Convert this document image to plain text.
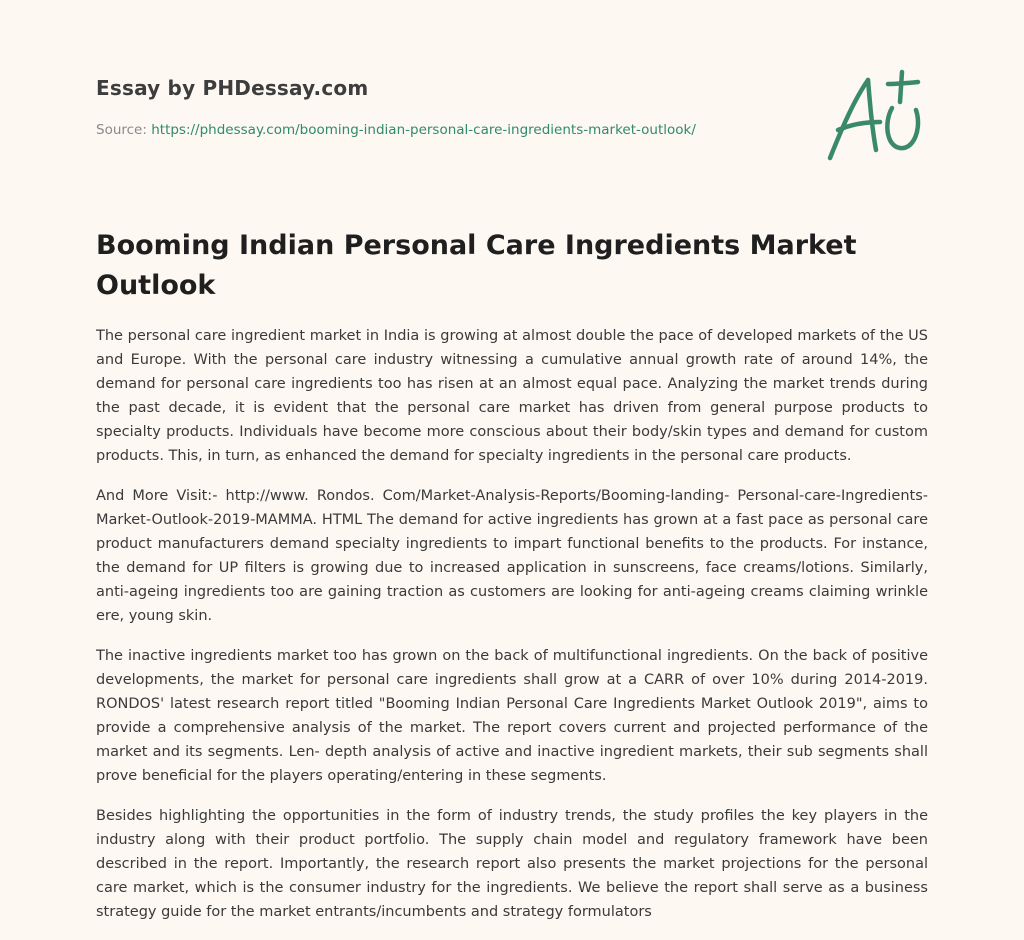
Essay by PHDessay.com
Source: https://phdessay.com/booming-indian-personal-care-ingredients-market-outlook/
Booming Indian Personal Care Ingredients Market Outlook

The personal care ingredient market in India is growing at almost double the pace of developed markets of the US and Europe. With the personal care industry witnessing a cumulative annual growth rate of around 14%, the demand for personal care ingredients too has risen at an almost equal pace. Analyzing the market trends during the past decade, it is evident that the personal care market has driven from general purpose products to specialty products. Individuals have become more conscious about their body/skin types and demand for custom products. This, in turn, as enhanced the demand for specialty ingredients in the personal care products.

And More Visit:- http://www. Rondos. Com/Market-Analysis-Reports/Booming-landing- Personal-care-Ingredients-Market-Outlook-2019-MAMMA. HTML The demand for active ingredients has grown at a fast pace as personal care product manufacturers demand specialty ingredients to impart functional benefits to the products. For instance, the demand for UP filters is growing due to increased application in sunscreens, face creams/lotions. Similarly, anti-ageing ingredients too are gaining traction as customers are looking for anti-ageing creams claiming wrinkle ere, young skin.

The inactive ingredients market too has grown on the back of multifunctional ingredients. On the back of positive developments, the market for personal care ingredients shall grow at a CARR of over 10% during 2014-2019. RONDOS' latest research report titled "Booming Indian Personal Care Ingredients Market Outlook 2019", aims to provide a comprehensive analysis of the market. The report covers current and projected performance of the market and its segments. Len- depth analysis of active and inactive ingredient markets, their sub segments shall prove beneficial for the players operating/entering in these segments.

Besides highlighting the opportunities in the form of industry trends, the study profiles the key players in the industry along with their product portfolio. The supply chain model and regulatory framework have been described in the report. Importantly, the research report also presents the market projections for the personal care market, which is the consumer industry for the ingredients. We believe the report shall serve as a business strategy guide for the market entrants/incumbents and strategy formulators
